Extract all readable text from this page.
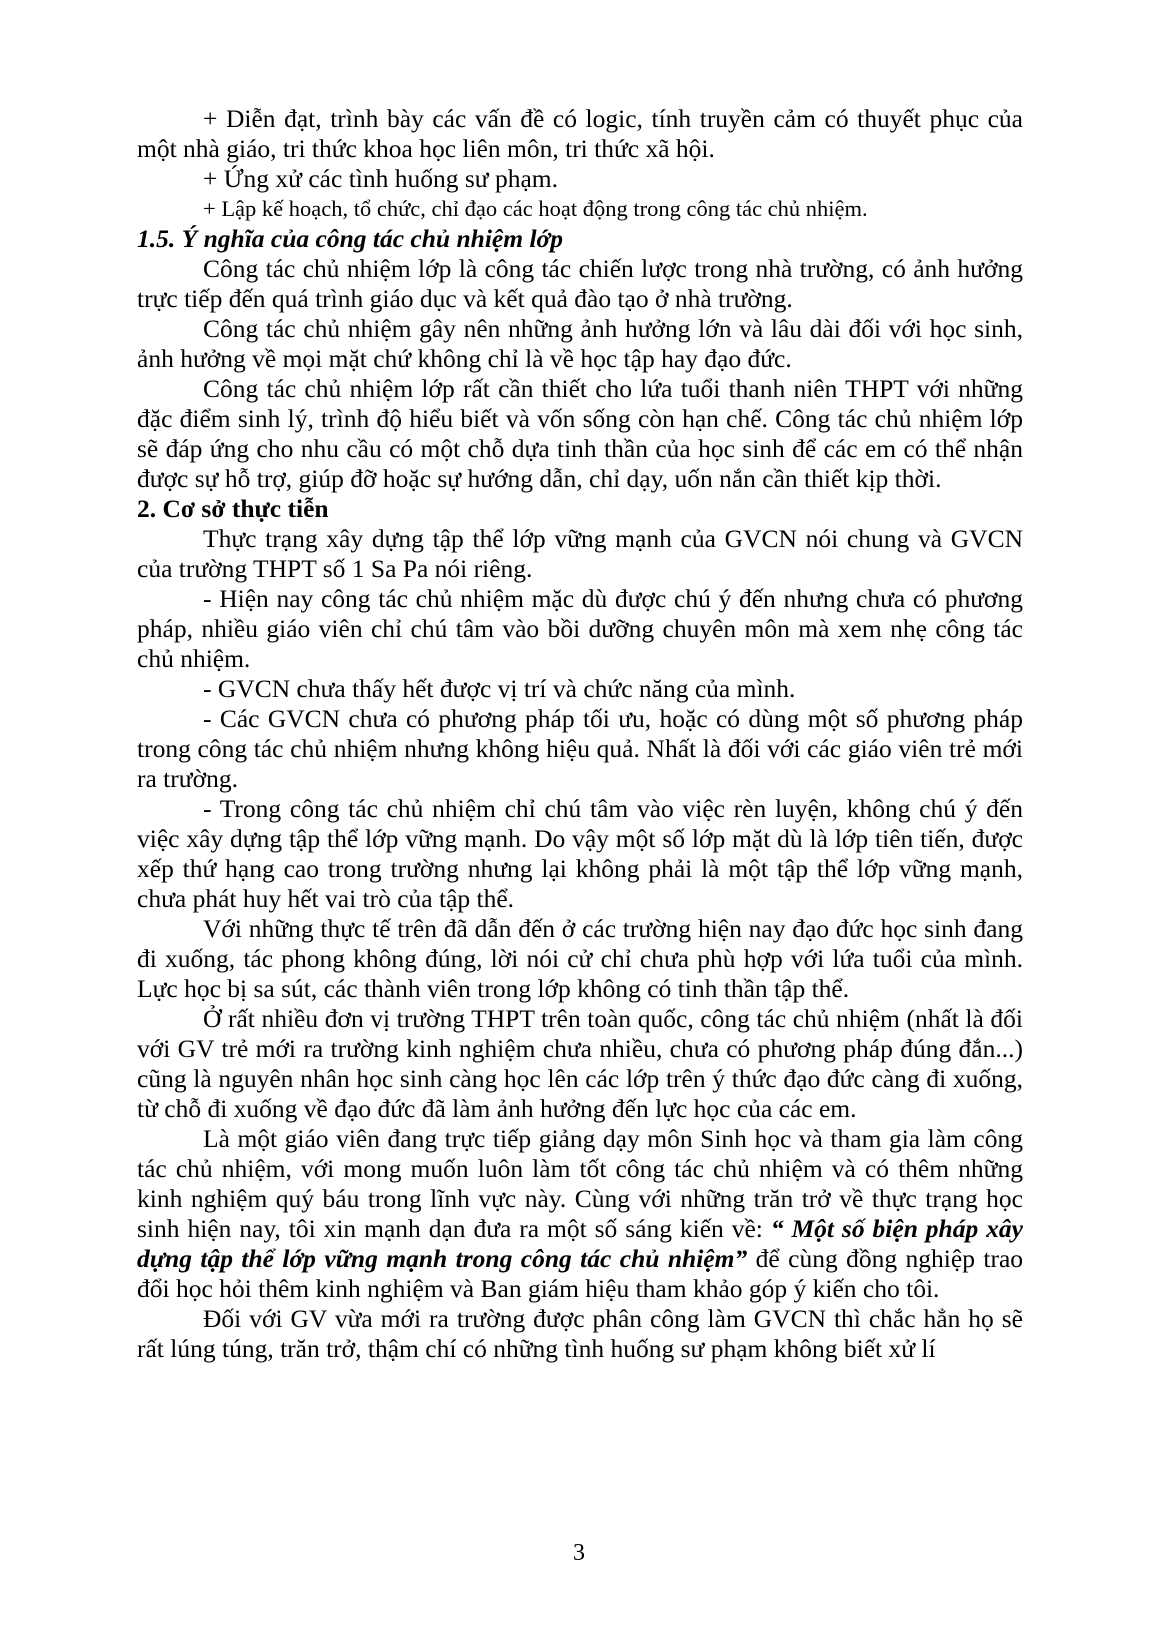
+ Diễn đạt, trình bày các vấn đề có logic, tính truyền cảm có thuyết phục của một nhà giáo, tri thức khoa học liên môn, tri thức xã hội.

+ Ứng xử các tình huống sư phạm.

+ Lập kế hoạch, tổ chức, chỉ đạo các hoạt động trong công tác chủ nhiệm.

1.5. Ý nghĩa của công tác chủ nhiệm lớp

Công tác chủ nhiệm lớp là công tác chiến lược trong nhà trường, có ảnh hưởng trực tiếp đến quá trình giáo dục và kết quả đào tạo ở nhà trường.

Công tác chủ nhiệm gây nên những ảnh hưởng lớn và lâu dài đối với học sinh, ảnh hưởng về mọi mặt chứ không chỉ là về học tập hay đạo đức.

Công tác chủ nhiệm lớp rất cần thiết cho lứa tuổi thanh niên THPT với những đặc điểm sinh lý, trình độ hiểu biết và vốn sống còn hạn chế. Công tác chủ nhiệm lớp sẽ đáp ứng cho nhu cầu có một chỗ dựa tinh thần của học sinh để các em có thể nhận được sự hỗ trợ, giúp đỡ hoặc sự hướng dẫn, chỉ dạy, uốn nắn cần thiết kịp thời.

2. Cơ sở thực tiễn

Thực trạng xây dựng tập thể lớp vững mạnh của GVCN nói chung và GVCN của trường THPT số 1 Sa Pa nói riêng.

- Hiện nay công tác chủ nhiệm mặc dù được chú ý đến nhưng chưa có phương pháp, nhiều giáo viên chỉ chú tâm vào bồi dưỡng chuyên môn mà xem nhẹ công tác chủ nhiệm.

- GVCN chưa thấy hết được vị trí và chức năng của mình.

- Các GVCN chưa có phương pháp tối ưu, hoặc có dùng một số phương pháp trong công tác chủ nhiệm nhưng không hiệu quả. Nhất là đối với các giáo viên trẻ mới ra trường.

- Trong công tác chủ nhiệm chỉ chú tâm vào việc rèn luyện, không chú ý đến việc xây dựng tập thể lớp vững mạnh. Do vậy một số lớp mặt dù là lớp tiên tiến, được xếp thứ hạng cao trong trường nhưng lại không phải là một tập thể lớp vững mạnh, chưa phát huy hết vai trò của tập thể.

Với những thực tế trên đã dẫn đến ở các trường hiện nay đạo đức học sinh đang đi xuống, tác phong không đúng, lời nói cử chỉ chưa phù hợp với lứa tuổi của mình. Lực học bị sa sút, các thành viên trong lớp không có tinh thần tập thể.

Ở rất nhiều đơn vị trường THPT trên toàn quốc, công tác chủ nhiệm (nhất là đối với GV trẻ mới ra trường kinh nghiệm chưa nhiều, chưa có phương pháp đúng đắn...) cũng là nguyên nhân học sinh càng học lên các lớp trên ý thức đạo đức càng đi xuống, từ chỗ đi xuống về đạo đức đã làm ảnh hưởng đến lực học của các em.

Là một giáo viên đang trực tiếp giảng dạy môn Sinh học và tham gia làm công tác chủ nhiệm, với mong muốn luôn làm tốt công tác chủ nhiệm và có thêm những kinh nghiệm quý báu trong lĩnh vực này. Cùng với những trăn trở về thực trạng học sinh hiện nay, tôi xin mạnh dạn đưa ra một số sáng kiến về: “ Một số biện pháp xây dựng tập thể lớp vững mạnh trong công tác chủ nhiệm” để cùng đồng nghiệp trao đổi học hỏi thêm kinh nghiệm và Ban giám hiệu tham khảo góp ý kiến cho tôi.

Đối với GV vừa mới ra trường được phân công làm GVCN thì chắc hẳn họ sẽ rất lúng túng, trăn trở, thậm chí có những tình huống sư phạm không biết xử lí

3
